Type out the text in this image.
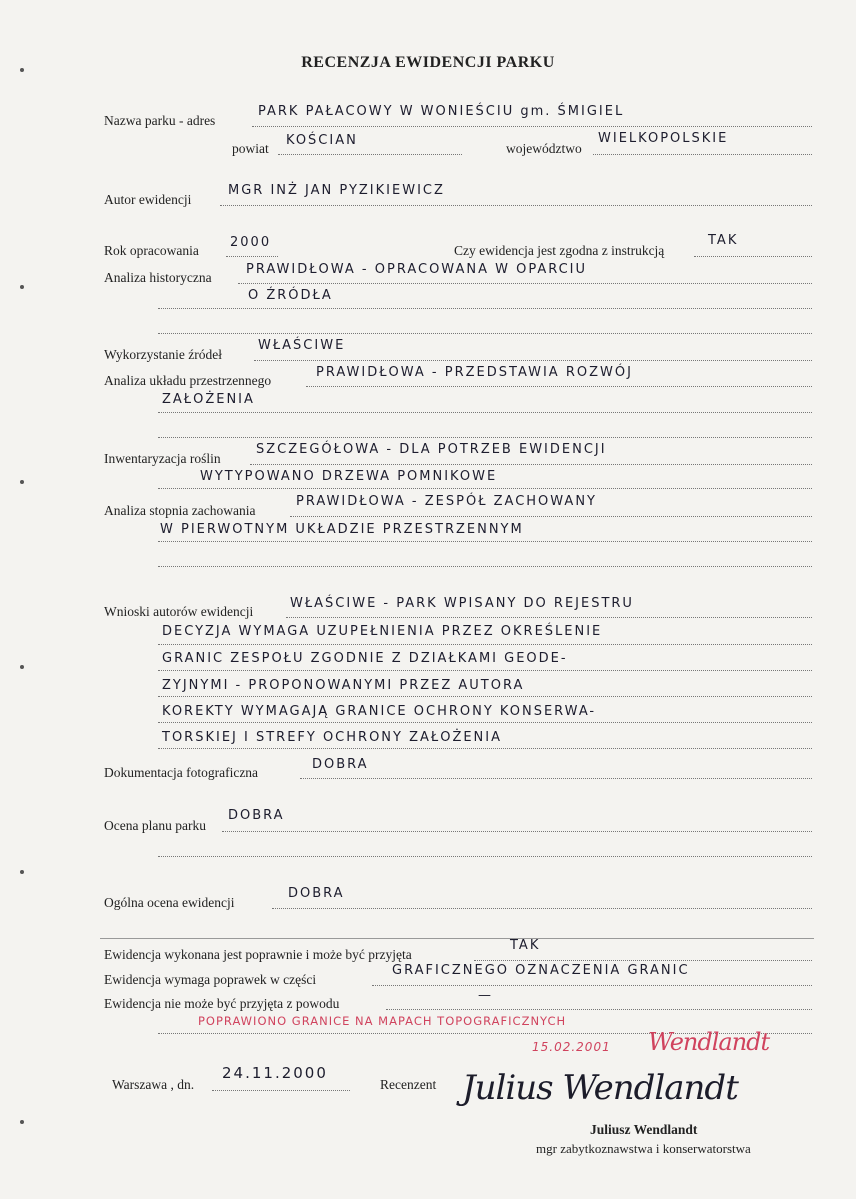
RECENZJA EWIDENCJI PARKU
Nazwa parku - adres
PARK PAŁACOWY W WONIEŚCIU gm. ŚMIGIEL
powiat
KOŚCIAN
województwo
WIELKOPOLSKIE
Autor ewidencji
MGR INŻ JAN PYZIKIEWICZ
Rok opracowania
2000
Czy ewidencja jest zgodna z instrukcją
TAK
Analiza historyczna
PRAWIDŁOWA - OPRACOWANA W OPARCIU
O ŹRÓDŁA
Wykorzystanie źródeł
WŁAŚCIWE
Analiza układu przestrzennego
PRAWIDŁOWA - PRZEDSTAWIA ROZWÓJ
ZAŁOŻENIA
Inwentaryzacja roślin
SZCZEGÓŁOWA - DLA POTRZEB EWIDENCJI
WYTYPOWANO DRZEWA POMNIKOWE
Analiza stopnia zachowania
PRAWIDŁOWA - ZESPÓŁ ZACHOWANY
W PIERWOTNYM UKŁADZIE PRZESTRZENNYM
Wnioski autorów ewidencji
WŁAŚCIWE - PARK WPISANY DO REJESTRU
DECYZJA WYMAGA UZUPEŁNIENIA PRZEZ OKREŚLENIE
GRANIC ZESPOŁU ZGODNIE Z DZIAŁKAMI GEODE-
ZYJNYMI - PROPONOWANYMI PRZEZ AUTORA
KOREKTY WYMAGAJĄ GRANICE OCHRONY KONSERWA-
TORSKIEJ I STREFY OCHRONY ZAŁOŻENIA
Dokumentacja fotograficzna
DOBRA
Ocena planu parku
DOBRA
Ogólna ocena ewidencji
DOBRA
Ewidencja wykonana jest poprawnie i może być przyjęta
TAK
Ewidencja wymaga poprawek w części
GRAFICZNEGO OZNACZENIA GRANIC
Ewidencja nie może być przyjęta z powodu
—
POPRAWIONO GRANICE NA MAPACH TOPOGRAFICZNYCH
15.02.2001 Wendlandt
Warszawa , dn.
24.11.2000
Recenzent Julius Wendlandt
Juliusz Wendlandt
mgr zabytkoznawstwa i konserwatorstwa
